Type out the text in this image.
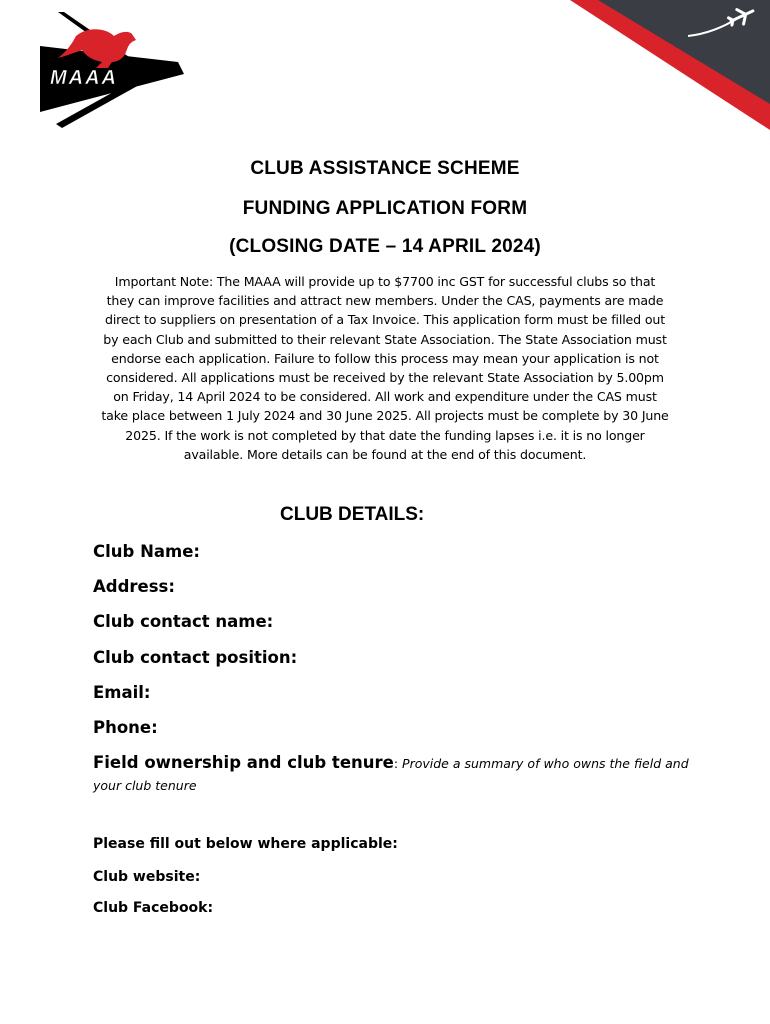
MAAA
CLUB ASSISTANCE SCHEME
FUNDING APPLICATION FORM
(CLOSING DATE – 14 APRIL 2024)
Important Note: The MAAA will provide up to $7700 inc GST for successful clubs so that
they can improve facilities and attract new members. Under the CAS, payments are made
direct to suppliers on presentation of a Tax Invoice. This application form must be filled out
by each Club and submitted to their relevant State Association. The State Association must
endorse each application. Failure to follow this process may mean your application is not
considered. All applications must be received by the relevant State Association by 5.00pm
on Friday, 14 April 2024 to be considered. All work and expenditure under the CAS must
take place between 1 July 2024 and 30 June 2025. All projects must be complete by 30 June
2025. If the work is not completed by that date the funding lapses i.e. it is no longer
available. More details can be found at the end of this document.
CLUB DETAILS:
Club Name:
Address:
Club contact name:
Club contact position:
Email:
Phone:
Field ownership and club tenure: Provide a summary of who owns the field and
your club tenure
Please fill out below where applicable:
Club website:
Club Facebook:
